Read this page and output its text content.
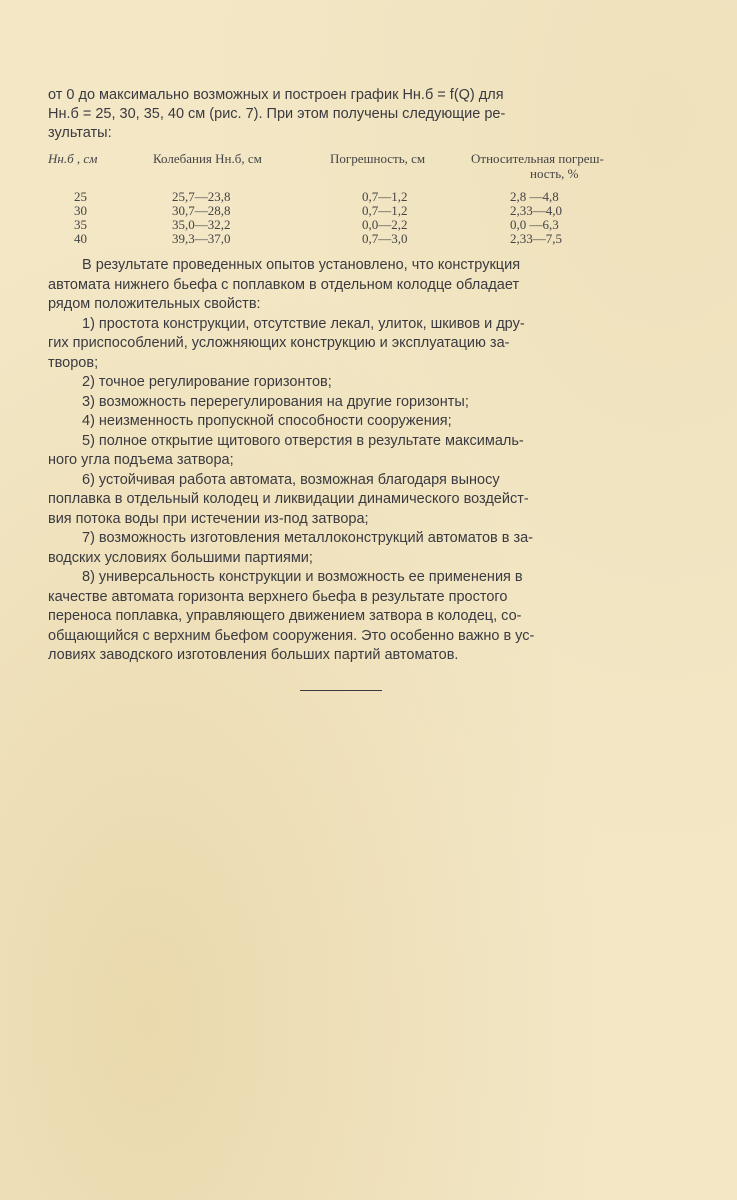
от 0 до максимально возможных и построен график Hн.б = f(Q) для
Hн.б = 25, 30, 35, 40 см (рис. 7). При этом получены следующие ре-
зультаты:
Hн.б , см	Колебания Hн.б, см	Погрешность, см	Относительная погреш-
ность, %
25	25,7—23,8	0,7—1,2	2,8 —4,8
30	30,7—28,8	0,7—1,2	2,33—4,0
35	35,0—32,2	0,0—2,2	0,0 —6,3
40	39,3—37,0	0,7—3,0	2,33—7,5
В результате проведенных опытов установлено, что конструкция
автомата нижнего бьефа с поплавком в отдельном колодце обладает
рядом положительных свойств:
1) простота конструкции, отсутствие лекал, улиток, шкивов и дру-
гих приспособлений, усложняющих конструкцию и эксплуатацию за-
творов;
2) точное регулирование горизонтов;
3) возможность перерегулирования на другие горизонты;
4) неизменность пропускной способности сооружения;
5) полное открытие щитового отверстия в результате максималь-
ного угла подъема затвора;
6) устойчивая работа автомата, возможная благодаря выносу
поплавка в отдельный колодец и ликвидации динамического воздейст-
вия потока воды при истечении из-под затвора;
7) возможность изготовления металлоконструкций автоматов в за-
водских условиях большими партиями;
8) универсальность конструкции и возможность ее применения в
качестве автомата горизонта верхнего бьефа в результате простого
переноса поплавка, управляющего движением затвора в колодец, со-
общающийся с верхним бьефом сооружения. Это особенно важно в ус-
ловиях заводского изготовления больших партий автоматов.
